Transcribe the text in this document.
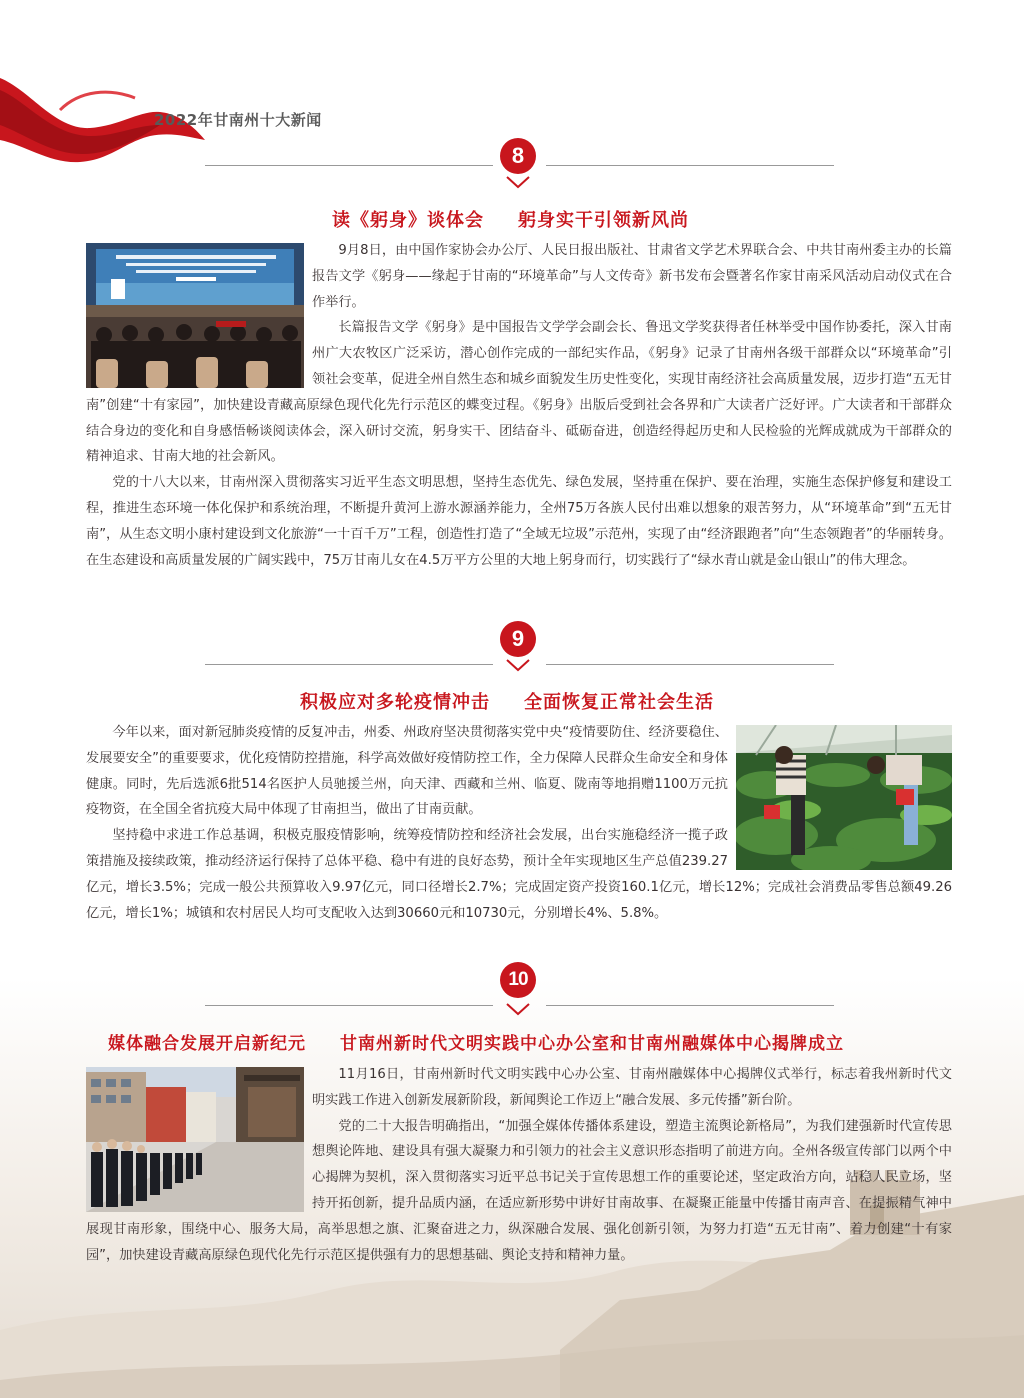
2022年甘南州十大新闻
8
读《躬身》谈体会 躬身实干引领新风尚
9
积极应对多轮疫情冲击 全面恢复正常社会生活
10
媒体融合发展开启新纪元 甘南州新时代文明实践中心办公室和甘南州融媒体中心揭牌成立

9月8日，由中国作家协会办公厅、人民日报出版社、甘肃省文学艺术界联合会、中共甘南州委主办的长篇报告文学《躬身——缘起于甘南的“环境革命”与人文传奇》新书发布会暨著名作家甘南采风活动启动仪式在合作举行。

长篇报告文学《躬身》是中国报告文学学会副会长、鲁迅文学奖获得者任林举受中国作协委托，深入甘南州广大农牧区广泛采访，潜心创作完成的一部纪实作品，《躬身》记录了甘南州各级干部群众以“环境革命”引领社会变革，促进全州自然生态和城乡面貌发生历史性变化，实现甘南经济社会高质量发展，迈步打造“五无甘南”创建“十有家园”，加快建设青藏高原绿色现代化先行示范区的蝶变过程。《躬身》出版后受到社会各界和广大读者广泛好评。广大读者和干部群众结合身边的变化和自身感悟畅谈阅读体会，深入研讨交流，躬身实干、团结奋斗、砥砺奋进，创造经得起历史和人民检验的光辉成就成为干部群众的精神追求、甘南大地的社会新风。

党的十八大以来，甘南州深入贯彻落实习近平生态文明思想，坚持生态优先、绿色发展，坚持重在保护、要在治理，实施生态保护修复和建设工程，推进生态环境一体化保护和系统治理，不断提升黄河上游水源涵养能力，全州75万各族人民付出难以想象的艰苦努力，从“环境革命”到“五无甘南”，从生态文明小康村建设到文化旅游“一十百千万”工程，创造性打造了“全域无垃圾”示范州，实现了由“经济跟跑者”向“生态领跑者”的华丽转身。在生态建设和高质量发展的广阔实践中，75万甘南儿女在4.5万平方公里的大地上躬身而行，切实践行了“绿水青山就是金山银山”的伟大理念。

今年以来，面对新冠肺炎疫情的反复冲击，州委、州政府坚决贯彻落实党中央“疫情要防住、经济要稳住、发展要安全”的重要要求，优化疫情防控措施，科学高效做好疫情防控工作，全力保障人民群众生命安全和身体健康。同时，先后选派6批514名医护人员驰援兰州，向天津、西藏和兰州、临夏、陇南等地捐赠1100万元抗疫物资，在全国全省抗疫大局中体现了甘南担当，做出了甘南贡献。

坚持稳中求进工作总基调，积极克服疫情影响，统筹疫情防控和经济社会发展，出台实施稳经济一揽子政策措施及接续政策，推动经济运行保持了总体平稳、稳中有进的良好态势，预计全年实现地区生产总值239.27亿元，增长3.5%；完成一般公共预算收入9.97亿元，同口径增长2.7%；完成固定资产投资160.1亿元，增长12%；完成社会消费品零售总额49.26亿元，增长1%；城镇和农村居民人均可支配收入达到30660元和10730元，分别增长4%、5.8%。

11月16日，甘南州新时代文明实践中心办公室、甘南州融媒体中心揭牌仪式举行，标志着我州新时代文明实践工作进入创新发展新阶段，新闻舆论工作迈上“融合发展、多元传播”新台阶。

党的二十大报告明确指出，“加强全媒体传播体系建设，塑造主流舆论新格局”，为我们建强新时代宣传思想舆论阵地、建设具有强大凝聚力和引领力的社会主义意识形态指明了前进方向。全州各级宣传部门以两个中心揭牌为契机，深入贯彻落实习近平总书记关于宣传思想工作的重要论述，坚定政治方向，站稳人民立场，坚持开拓创新，提升品质内涵，在适应新形势中讲好甘南故事、在凝聚正能量中传播甘南声音、在提振精气神中展现甘南形象，围绕中心、服务大局，高举思想之旗、汇聚奋进之力，纵深融合发展、强化创新引领，为努力打造“五无甘南”、着力创建“十有家园”，加快建设青藏高原绿色现代化先行示范区提供强有力的思想基础、舆论支持和精神力量。
